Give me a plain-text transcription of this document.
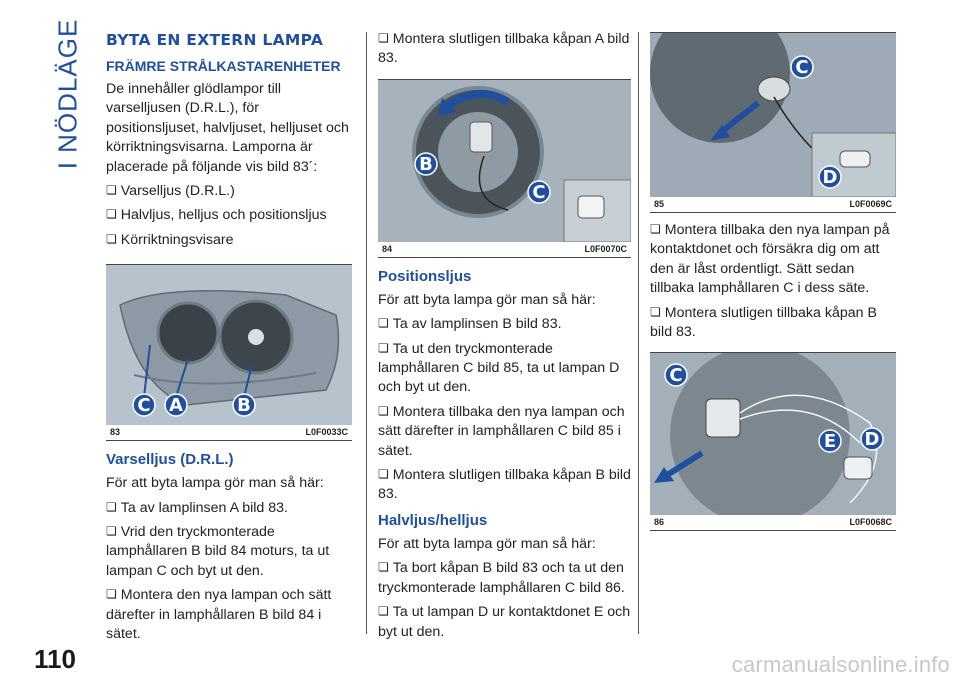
I NÖDLÄGE
110	carmanualsonline.info
BYTA EN EXTERN LAMPA
FRÄMRE STRÅLKASTARENHETER

De innehåller glödlampor till varselljusen (D.R.L.), för positionsljuset, halvljuset, helljuset och körriktningsvisarna. Lamporna är placerade på följande vis bild 83´:

❏ Varselljus (D.R.L.)

❏ Halvljus, helljus och positionsljus

❏ Körriktningsvisare

C A	B
83	L0F0033C
Varselljus (D.R.L.)

För att byta lampa gör man så här:

❏ Ta av lamplinsen A bild 83.

❏ Vrid den tryckmonterade lamphållaren B bild 84 moturs, ta ut lampan C och byt ut den.

❏ Montera den nya lampan och sätt därefter in lamphållaren B bild 84 i sätet.

❏ Montera slutligen tillbaka kåpan A bild 83.

B
C
84	L0F0070C
Positionsljus

För att byta lampa gör man så här:

❏ Ta av lamplinsen B bild 83.

❏ Ta ut den tryckmonterade lamphållaren C bild 85, ta ut lampan D och byt ut den.

❏ Montera tillbaka den nya lampan och sätt därefter in lamphållaren C bild 85 i sätet.

❏ Montera slutligen tillbaka kåpan B bild 83.

Halvljus/helljus

För att byta lampa gör man så här:

❏ Ta bort kåpan B bild 83 och ta ut den tryckmonterade lamphållaren C bild 86.

❏ Ta ut lampan D ur kontaktdonet E och byt ut den.

C
D
85	L0F0069C

❏ Montera tillbaka den nya lampan på kontaktdonet och försäkra dig om att den är låst ordentligt. Sätt sedan tillbaka lamphållaren C i dess säte.

❏ Montera slutligen tillbaka kåpan B bild 83.

C
E D
86	L0F0068C
